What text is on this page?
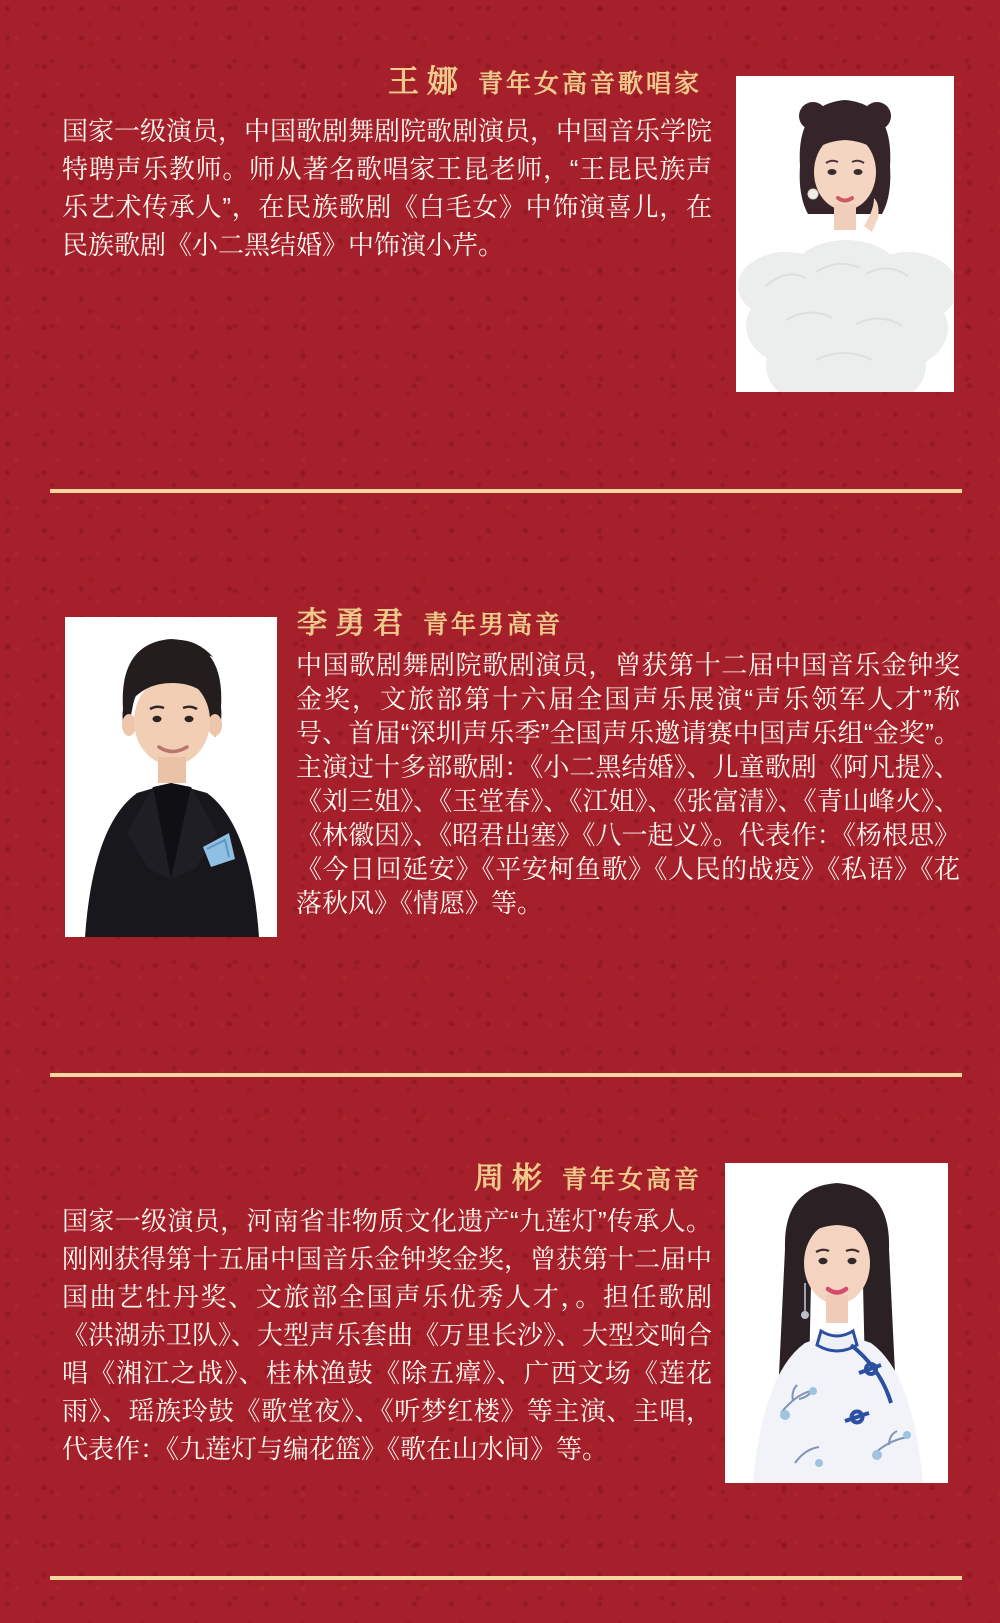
王娜 青年女高音歌唱家
国家一级演员，中国歌剧舞剧院歌剧演员，中国音乐学院特聘声乐教师。师从著名歌唱家王昆老师，“王昆民族声乐艺术传承人”，在民族歌剧《白毛女》中饰演喜儿，在民族歌剧《小二黑结婚》中饰演小芹。
李勇君 青年男高音
中国歌剧舞剧院歌剧演员，曾获第十二届中国音乐金钟奖金奖，文旅部第十六届全国声乐展演“声乐领军人才”称号、首届“深圳声乐季”全国声乐邀请赛中国声乐组“金奖”。主演过十多部歌剧：《小二黑结婚》、儿童歌剧《阿凡提》、《刘三姐》、《玉堂春》、《江姐》、《张富清》、《青山峰火》、《林徽因》、《昭君出塞》《八一起义》。代表作：《杨根思》《今日回延安》《平安柯鱼歌》《人民的战疫》《私语》《花落秋风》《情愿》等。
周彬 青年女高音
国家一级演员，河南省非物质文化遗产“九莲灯”传承人。刚刚获得第十五届中国音乐金钟奖金奖，曾获第十二届中国曲艺牡丹奖、文旅部全国声乐优秀人才，。担任歌剧《洪湖赤卫队》、大型声乐套曲《万里长沙》、大型交响合唱《湘江之战》、桂林渔鼓《除五瘴》、广西文场《莲花雨》、瑶族玲鼓《歌堂夜》、《听梦红楼》等主演、主唱，代表作：《九莲灯与编花篮》《歌在山水间》等。
